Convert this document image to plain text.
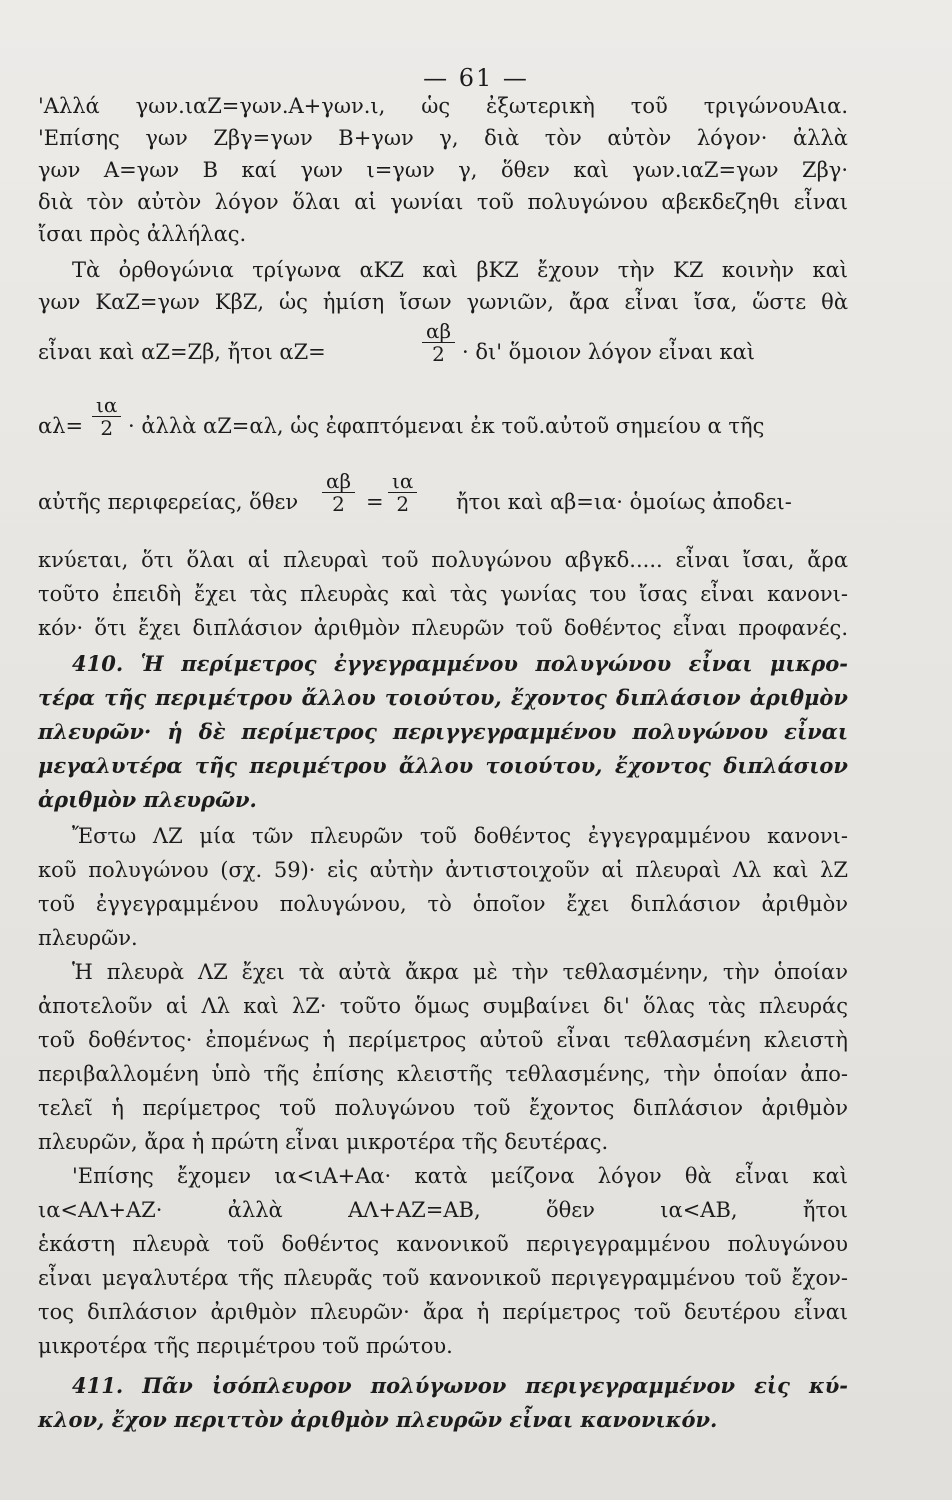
— 61 —
'Αλλά γων.ιαΖ=γων.Α+γων.ι, ὡς ἐξωτερικὴ τοῦ τριγώνουΑια.
'Επίσης γων Ζβγ=γων Β+γων γ, διὰ τὸν αὐτὸν λόγον· ἀλλὰ
γων Α=γων Β καί γων ι=γων γ, ὅθεν καὶ γων.ιαΖ=γων Ζβγ·
διὰ τὸν αὐτὸν λόγον ὅλαι αἱ γωνίαι τοῦ πολυγώνου αβεκδεζηθι εἶναι
ἴσαι πρὸς ἀλλήλας.
Τὰ ὀρθογώνια τρίγωνα αKΖ καὶ βKΖ ἔχουν τὴν ΚΖ κοινὴν καὶ
γων ΚαΖ=γων ΚβΖ, ὡς ἡμίση ἴσων γωνιῶν, ἄρα εἶναι ἴσα, ὥστε θὰ
εἶναι καὶ αΖ=Ζβ, ἤτοι αΖ=
αβ
2 · δι' ὅμοιον λόγον εἶναι καὶ
αλ=
ια
2 · ἀλλὰ αΖ=αλ, ὡς ἐφαπτόμεναι ἐκ τοῦ.αὐτοῦ σημείου α τῆς
αὐτῆς περιφερείας, ὅθεν
αβ
2	=
ια
2	ἤτοι καὶ αβ=ια· ὁμοίως ἀποδει-
κνύεται, ὅτι ὅλαι αἱ πλευραὶ τοῦ πολυγώνου αβγκδ..... εἶναι ἴσαι, ἄρα
τοῦτο ἐπειδὴ ἔχει τὰς πλευρὰς καὶ τὰς γωνίας του ἴσας εἶναι κανονι-
κόν· ὅτι ἔχει διπλάσιον ἀριθμὸν πλευρῶν τοῦ δοθέντος εἶναι προφανές.
410. Ἡ περίμετρος ἐγγεγραμμένου πολυγώνου εἶναι μικρο-
τέρα τῆς περιμέτρου ἄλλου τοιούτου, ἔχοντος διπλάσιον ἀριθμὸν
πλευρῶν· ἡ δὲ περίμετρος περιγγεγραμμένου πολυγώνου εἶναι
μεγαλυτέρα τῆς περιμέτρου ἄλλου τοιούτου, ἔχοντος διπλάσιον
ἀριθμὸν πλευρῶν.
Ἔστω ΛΖ μία τῶν πλευρῶν τοῦ δοθέντος ἐγγεγραμμένου κανονι-
κοῦ πολυγώνου (σχ. 59)· εἰς αὐτὴν ἀντιστοιχοῦν αἱ πλευραὶ Λλ καὶ λΖ
τοῦ ἐγγεγραμμένου πολυγώνου, τὸ ὁποῖον ἔχει διπλάσιον ἀριθμὸν
πλευρῶν.
Ἡ πλευρὰ ΛΖ ἔχει τὰ αὐτὰ ἄκρα μὲ τὴν τεθλασμένην, τὴν ὁποίαν
ἀποτελοῦν αἱ Λλ καὶ λΖ· τοῦτο ὅμως συμβαίνει δι' ὅλας τὰς πλευράς
τοῦ δοθέντος· ἐπομένως ἡ περίμετρος αὐτοῦ εἶναι τεθλασμένη κλειστὴ
περιβαλλομένη ὑπὸ τῆς ἐπίσης κλειστῆς τεθλασμένης, τὴν ὁποίαν ἀπο-
τελεῖ ἡ περίμετρος τοῦ πολυγώνου τοῦ ἔχοντος διπλάσιον ἀριθμὸν
πλευρῶν, ἄρα ἡ πρώτη εἶναι μικροτέρα τῆς δευτέρας.
'Επίσης ἔχομεν ια<ιΑ+Αα· κατὰ μείζονα λόγον θὰ εἶναι καὶ
ια<ΑΛ+ΑΖ· ἀλλὰ ΑΛ+ΑΖ=ΑΒ, ὅθεν ια<ΑΒ, ἤτοι
ἑκάστη πλευρὰ τοῦ δοθέντος κανονικοῦ περιγεγραμμένου πολυγώνου
εἶναι μεγαλυτέρα τῆς πλευρᾶς τοῦ κανονικοῦ περιγεγραμμένου τοῦ ἔχον-
τος διπλάσιον ἀριθμὸν πλευρῶν· ἄρα ἡ περίμετρος τοῦ δευτέρου εἶναι
μικροτέρα τῆς περιμέτρου τοῦ πρώτου.
411. Πᾶν ἰσόπλευρον πολύγωνον περιγεγραμμένον εἰς κύ-
κλον, ἔχον περιττὸν ἀριθμὸν πλευρῶν εἶναι κανονικόν.
